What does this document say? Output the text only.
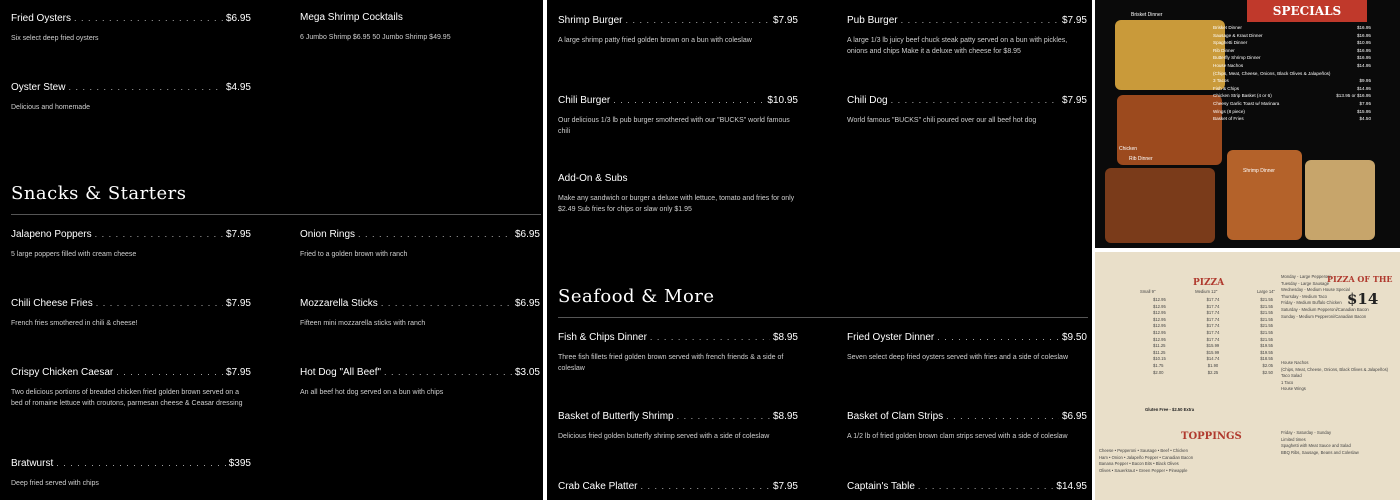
Fried Oysters . . .	$6.95
Six select deep fried oysters
Mega Shrimp Cocktails
6 Jumbo Shrimp $6.95 50 Jumbo Shrimp $49.95
Oyster Stew . . .	$4.95
Delicious and homemade
Snacks & Starters
Jalapeno Poppers . . .	$7.95
5 large poppers filled with cream cheese
Onion Rings . . .	$6.95
Fried to a golden brown with ranch
Chili Cheese Fries . . .	$7.95
French fries smothered in chili & cheese!
Mozzarella Sticks . . .	$6.95
Fifteen mini mozzarella sticks with ranch
Crispy Chicken Caesar . . .	$7.95
Two delicious portions of breaded chicken fried golden brown served on a bed of romaine lettuce with croutons, parmesan cheese & Ceasar dressing
Hot Dog "All Beef" . . .	$3.05
An all beef hot dog served on a bun with chips
Bratwurst . . .	$395
Deep fried served with chips
Shrimp Burger . . .	$7.95
A large shrimp patty fried golden brown on a bun with coleslaw
Pub Burger . . .	$7.95
A large 1/3 lb juicy beef chuck steak patty served on a bun with pickles, onions and chips Make it a deluxe with cheese for $8.95
Chili Burger . . .	$10.95
Our delicious 1/3 lb pub burger smothered with our "BUCKS" world famous chili
Chili Dog . . .	$7.95
World famous "BUCKS" chili poured over our all beef hot dog
Add-On & Subs
Make any sandwich or burger a deluxe with lettuce, tomato and fries for only $2.49 Sub fries for chips or slaw only $1.95
Seafood & More
Fish & Chips Dinner . . .	$8.95
Three fish fillets fried golden brown served with french friends & a side of coleslaw
Fried Oyster Dinner . . .	$9.50
Seven select deep fried oysters served with fries and a side of coleslaw
Basket of Butterfly Shrimp . . .	$8.95
Delicious fried golden butterfly shrimp served with a side of coleslaw
Basket of Clam Strips . . .	$6.95
A 1/2 lb of fried golden brown clam strips served with a side of coleslaw
Crab Cake Platter . . .	$7.95	Captain's Table . . .	$14.95
Brisket Dinner
Chicken
Rib Dinner
Shrimp Dinner
SPECIALS
Brisket Dinner	$16.95
Sausage & Kraut Dinner	$16.95
Spaghetti Dinner	$10.95
Rib Dinner	$16.95
Butterfly Shrimp Dinner	$16.95
House Nachos	$14.95
(Chips, Meat, Cheese, Onions, Black Olives & Jalapeños)
3 Tacos	$9.95
Fish & Chips	$14.95
Chicken Strip Basket (4 or 6)	$13.95 or $16.95
Cheesy Garlic Toast w/ Marinara	$7.95
Wings (8 piece)	$15.95
Basket of Fries	$4.50
PIZZA	PIZZA OF THE
$14
Small 9"	Medium 12"	Large 14"
$12.95	$17.74	$21.55
$12.95	$17.74	$21.55
$12.95	$17.74	$21.55
$12.95	$17.74	$21.55
$12.95	$17.74	$21.55
$12.95	$17.74	$21.55
$12.95	$17.74	$21.55
$11.25	$15.99	$19.55
$11.25	$15.99	$19.55
$10.15	$14.74	$18.55
$1.75	$1.90	$2.05
$2.00	$2.25	$2.50
Gluten Free - $2.50 Extra
TOPPINGS
Cheese • Pepperoni • Sausage • Beef • Chicken
Ham • Onion • Jalapeño Pepper • Canadian Bacon
Banana Pepper • Bacon Bits • Black Olives
Olives • Sauerkraut • Green Pepper • Pineapple
Monday - Large Pepperoni
Tuesday - Large Sausage
Wednesday - Medium House Special
Thursday - Medium Taco
Friday - Medium Buffalo Chicken
Saturday - Medium Pepperoni/Canadian Bacon
Sunday - Medium Pepperoni/Canadian Bacon
House Nachos
(Chips, Meat, Cheese, Onions, Black Olives & Jalapeños)
Taco Salad
1 Taco
House Wings
Friday - Saturday - Sunday
Limited times
Spaghetti with Meat Sauce and Salad
BBQ Ribs, Sausage, Beans and Coleslaw
